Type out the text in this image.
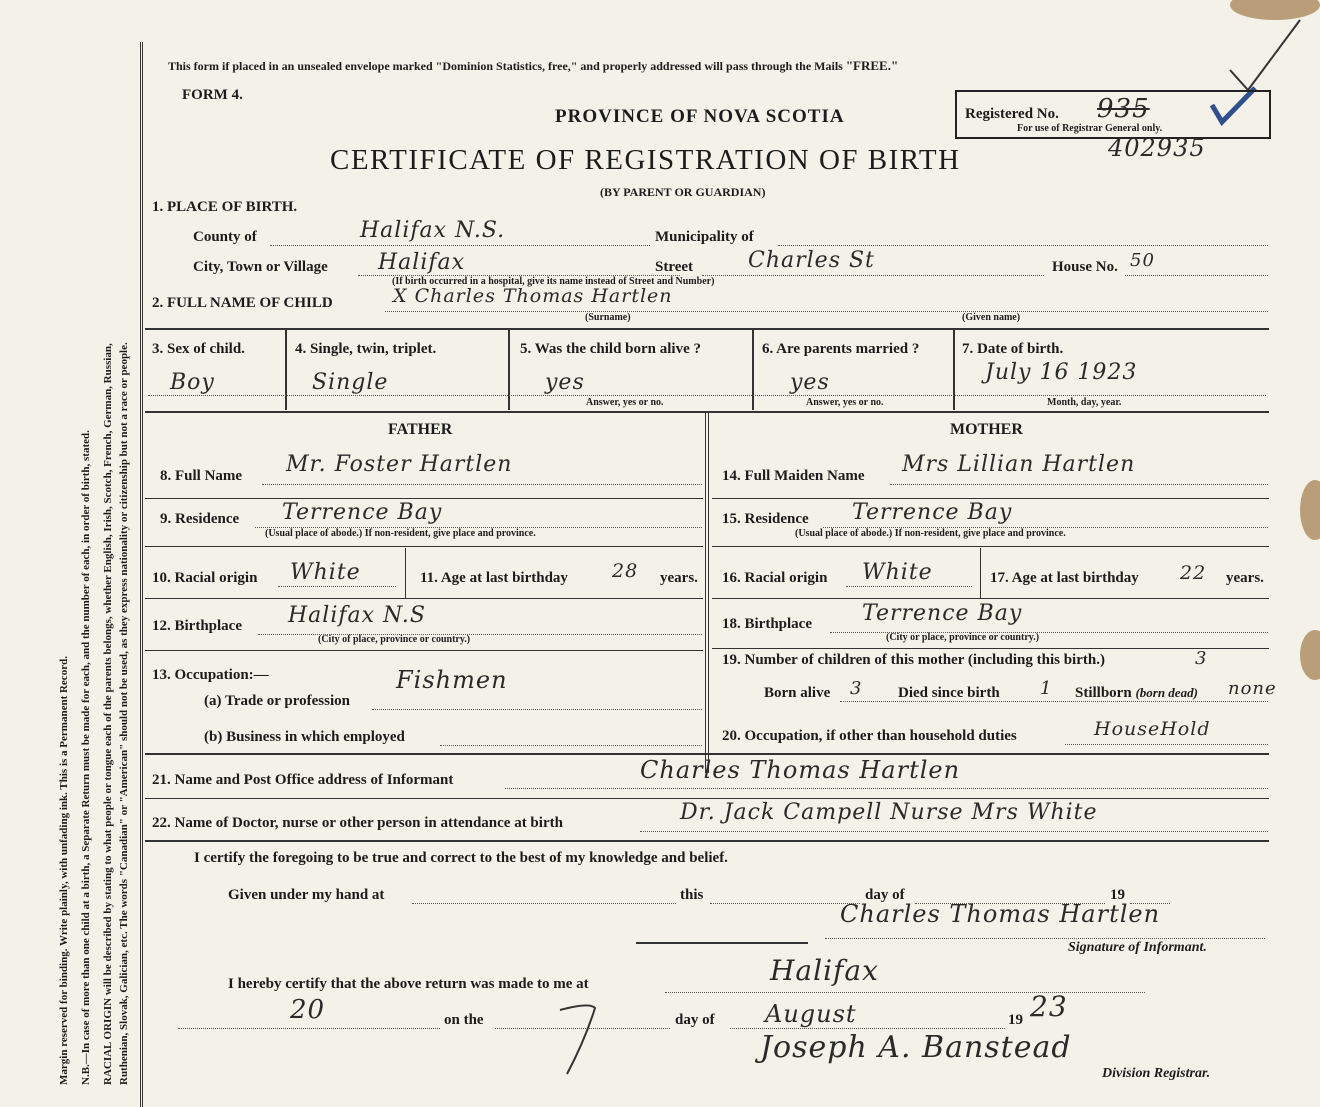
Margin reserved for binding. Write plainly, with unfading ink. This is a Permanent Record. N.B.—In case of more than one child at a birth, a Separate Return must be made for each, and the number of each, in order of birth, stated. RACIAL ORIGIN will be described by stating to what people or tongue each of the parents belongs, whether English, Irish, Scotch, French, German, Russian, Ruthenian, Slovak, Galician, etc. The words "Canadian" or "American" should not be used, as they express nationality or citizenship but not a race or people.
This form if placed in an unsealed envelope marked "Dominion Statistics, free," and properly addressed will pass through the Mails "FREE."
FORM 4.
PROVINCE OF NOVA SCOTIA
CERTIFICATE OF REGISTRATION OF BIRTH
(BY PARENT OR GUARDIAN)
Registered No. 935
For use of Registrar General only.
402935
1. PLACE OF BIRTH.
County of	Halifax N.S.	Municipality of
City, Town or Village Halifax	Street Charles St	House No. 50
(If birth occurred in a hospital, give its name instead of Street and Number)
2. FULL NAME OF CHILD	X Charles Thomas Hartlen
(Surname)	(Given name)
3. Sex of child.	4. Single, twin, triplet.	5. Was the child born alive ?	6. Are parents married ?	7. Date of birth.
Boy	Single	yes	yes	July 16 1923
Answer, yes or no.	Answer, yes or no.	Month, day, year.
FATHER
8. Full Name Mr. Foster Hartlen
9. Residence Terrence Bay
(Usual place of abode.) If non-resident, give place and province.
10. Racial origin White	11. Age at last birthday 28 years.
12. Birthplace Halifax N.S
(City of place, province or country.)
13. Occupation:—
(a) Trade or profession
Fishmen
(b) Business in which employed
MOTHER
14. Full Maiden Name Mrs Lillian Hartlen
15. Residence Terrence Bay
(Usual place of abode.) If non-resident, give place and province.
16. Racial origin White	17. Age at last birthday 22 years.
18. Birthplace Terrence Bay
(City or place, province or country.)
19. Number of children of this mother (including this birth.)	3
Born alive 3 Died since birth 1 Stillborn (born dead) none
20. Occupation, if other than household duties	HouseHold
21. Name and Post Office address of Informant	Charles Thomas Hartlen
22. Name of Doctor, nurse or other person in attendance at birth	Dr. Jack Campell Nurse Mrs White
I certify the foregoing to be true and correct to the best of my knowledge and belief.
Given under my hand at	this	day of	19
Charles Thomas Hartlen
Signature of Informant.
I hereby certify that the above return was made to me at	Halifax
20	on the	day of August	19 23
Joseph A. Banstead
Division Registrar.
